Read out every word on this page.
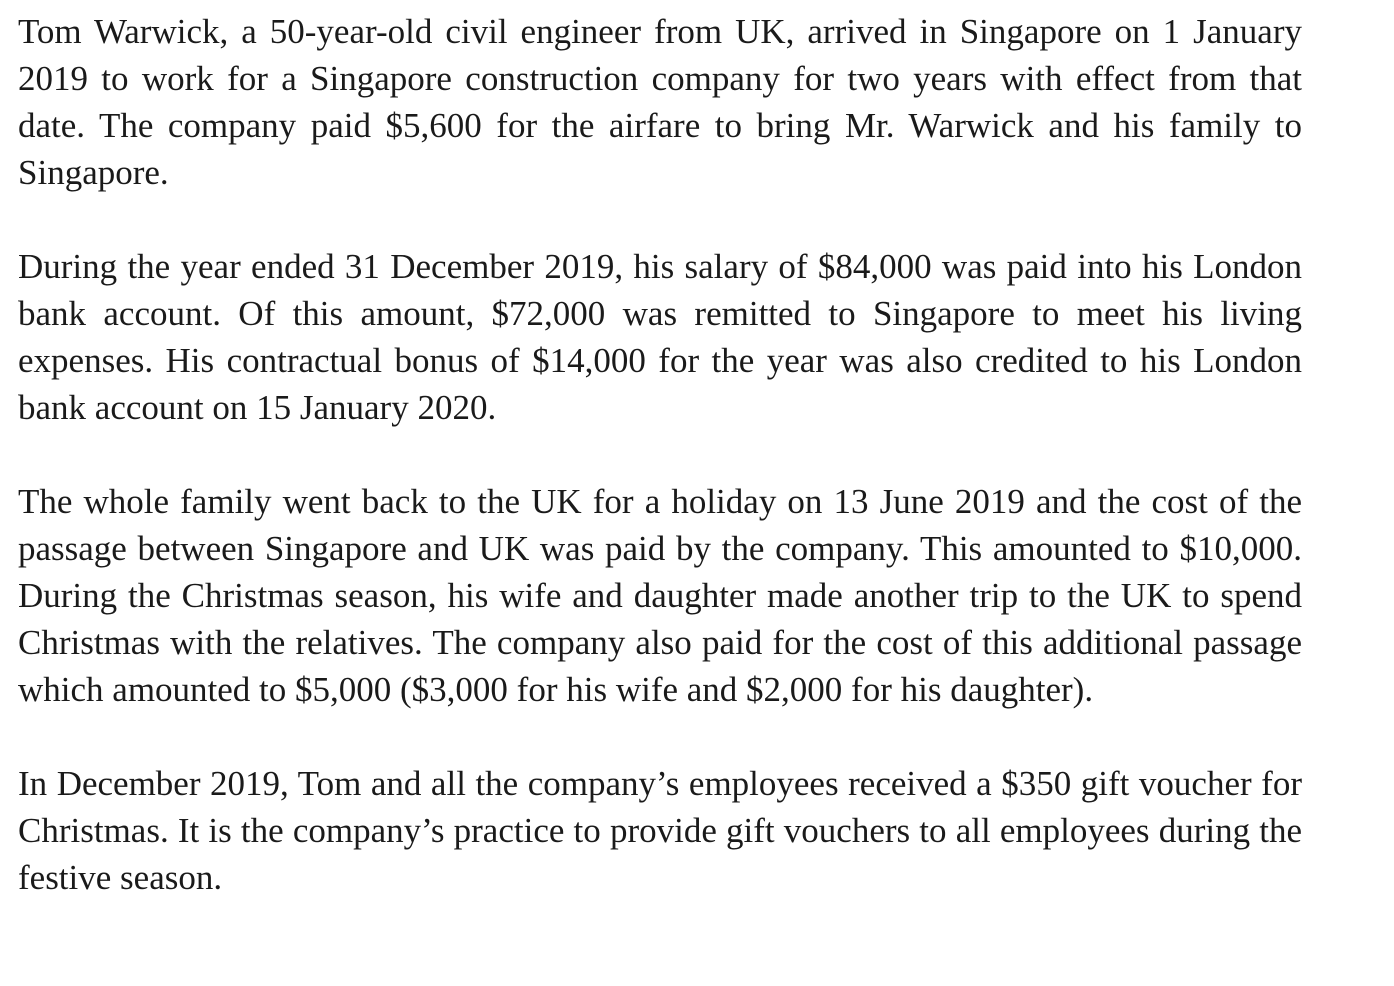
Tom Warwick, a 50-year-old civil engineer from UK, arrived in Singapore on 1 January 2019 to work for a Singapore construction company for two years with effect from that date. The company paid $5,600 for the airfare to bring Mr. Warwick and his family to Singapore.

During the year ended 31 December 2019, his salary of $84,000 was paid into his London bank account. Of this amount, $72,000 was remitted to Singapore to meet his living expenses. His contractual bonus of $14,000 for the year was also credited to his London bank account on 15 January 2020.

The whole family went back to the UK for a holiday on 13 June 2019 and the cost of the passage between Singapore and UK was paid by the company. This amounted to $10,000. During the Christmas season, his wife and daughter made another trip to the UK to spend Christmas with the relatives. The company also paid for the cost of this additional passage which amounted to $5,000 ($3,000 for his wife and $2,000 for his daughter).

In December 2019, Tom and all the company’s employees received a $350 gift voucher for Christmas. It is the company’s practice to provide gift vouchers to all employees during the festive season.
